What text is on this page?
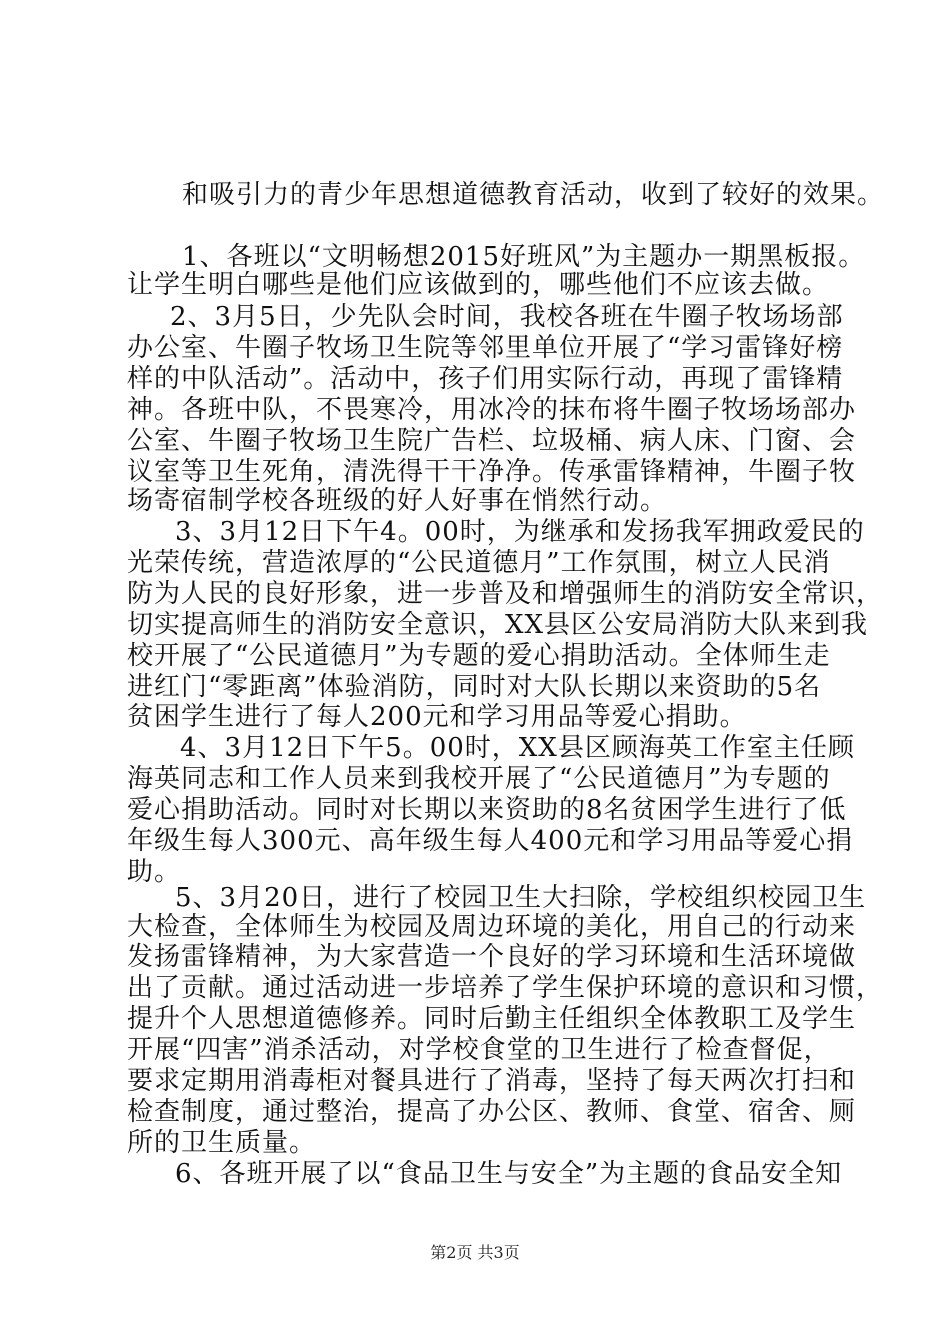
和吸引力的青少年思想道德教育活动，收到了较好的效果。
1、各班以“文明畅想2015好班风”为主题办一期黑板报。
让学生明白哪些是他们应该做到的，哪些他们不应该去做。
2、3月5日，少先队会时间，我校各班在牛圈子牧场场部
办公室、牛圈子牧场卫生院等邻里单位开展了“学习雷锋好榜
样的中队活动”。活动中，孩子们用实际行动，再现了雷锋精
神。各班中队，不畏寒冷，用冰冷的抹布将牛圈子牧场场部办
公室、牛圈子牧场卫生院广告栏、垃圾桶、病人床、门窗、会
议室等卫生死角，清洗得干干净净。传承雷锋精神，牛圈子牧
场寄宿制学校各班级的好人好事在悄然行动。
3、3月12日下午4。00时，为继承和发扬我军拥政爱民的
光荣传统，营造浓厚的“公民道德月”工作氛围，树立人民消
防为人民的良好形象，进一步普及和增强师生的消防安全常识，
切实提高师生的消防安全意识，XX县区公安局消防大队来到我
校开展了“公民道德月”为专题的爱心捐助活动。全体师生走
进红门“零距离”体验消防，同时对大队长期以来资助的5名
贫困学生进行了每人200元和学习用品等爱心捐助。
4、3月12日下午5。00时，XX县区顾海英工作室主任顾
海英同志和工作人员来到我校开展了“公民道德月”为专题的
爱心捐助活动。同时对长期以来资助的8名贫困学生进行了低
年级生每人300元、高年级生每人400元和学习用品等爱心捐
助。
5、3月20日，进行了校园卫生大扫除，学校组织校园卫生
大检查，全体师生为校园及周边环境的美化，用自己的行动来
发扬雷锋精神，为大家营造一个良好的学习环境和生活环境做
出了贡献。通过活动进一步培养了学生保护环境的意识和习惯，
提升个人思想道德修养。同时后勤主任组织全体教职工及学生
开展“四害”消杀活动，对学校食堂的卫生进行了检查督促，
要求定期用消毒柜对餐具进行了消毒，坚持了每天两次打扫和
检查制度，通过整治，提高了办公区、教师、食堂、宿舍、厕
所的卫生质量。
6、各班开展了以“食品卫生与安全”为主题的食品安全知
第2页 共3页
